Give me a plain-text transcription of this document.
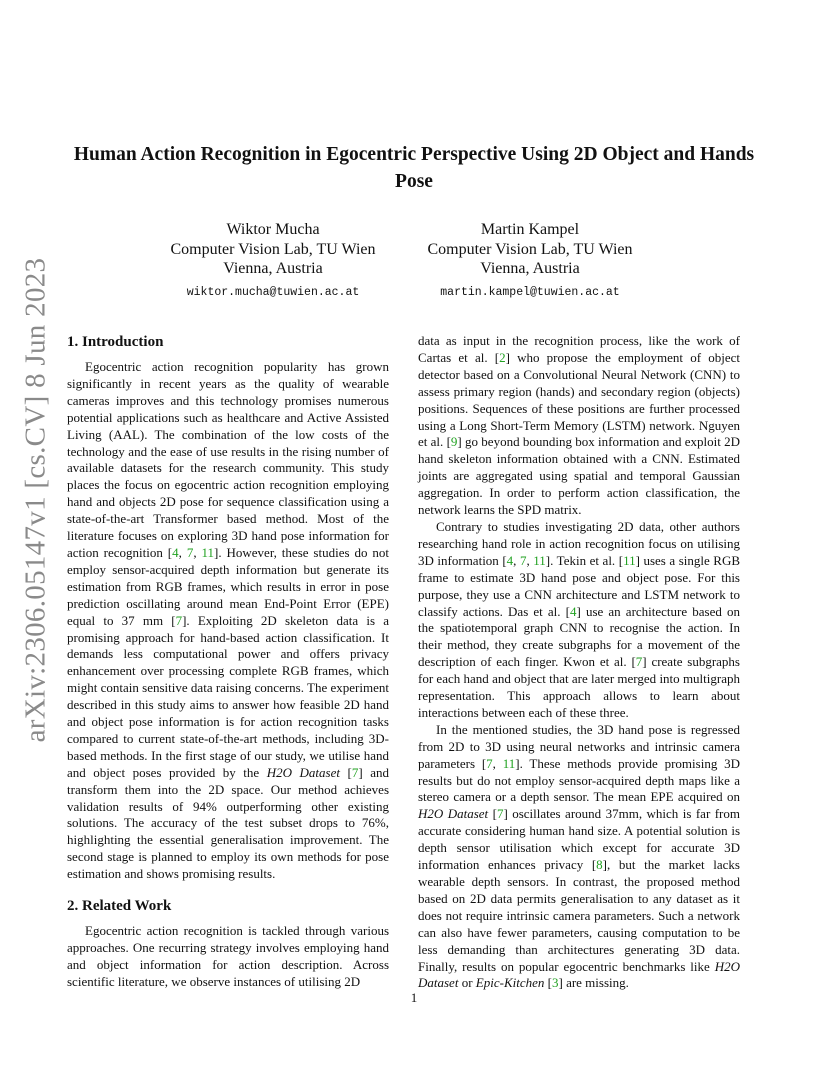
arXiv:2306.05147v1 [cs.CV] 8 Jun 2023
Human Action Recognition in Egocentric Perspective Using 2D Object and Hands Pose
Wiktor Mucha
Computer Vision Lab, TU Wien
Vienna, Austria
wiktor.mucha@tuwien.ac.at
Martin Kampel
Computer Vision Lab, TU Wien
Vienna, Austria
martin.kampel@tuwien.ac.at
1. Introduction

Egocentric action recognition popularity has grown significantly in recent years as the quality of wearable cameras improves and this technology promises numerous potential applications such as healthcare and Active Assisted Living (AAL). The combination of the low costs of the technology and the ease of use results in the rising number of available datasets for the research community. This study places the focus on egocentric action recognition employing hand and objects 2D pose for sequence classification using a state-of-the-art Transformer based method. Most of the literature focuses on exploring 3D hand pose information for action recognition [4, 7, 11]. However, these studies do not employ sensor-acquired depth information but generate its estimation from RGB frames, which results in error in pose prediction oscillating around mean End-Point Error (EPE) equal to 37 mm [7]. Exploiting 2D skeleton data is a promising approach for hand-based action classification. It demands less computational power and offers privacy enhancement over processing complete RGB frames, which might contain sensitive data raising concerns. The experiment described in this study aims to answer how feasible 2D hand and object pose information is for action recognition tasks compared to current state-of-the-art methods, including 3D-based methods. In the first stage of our study, we utilise hand and object poses provided by the H2O Dataset [7] and transform them into the 2D space. Our method achieves validation results of 94% outperforming other existing solutions. The accuracy of the test subset drops to 76%, highlighting the essential generalisation improvement. The second stage is planned to employ its own methods for pose estimation and shows promising results.

2. Related Work

Egocentric action recognition is tackled through various approaches. One recurring strategy involves employing hand and object information for action description. Across scientific literature, we observe instances of utilising 2D

data as input in the recognition process, like the work of Cartas et al. [2] who propose the employment of object detector based on a Convolutional Neural Network (CNN) to assess primary region (hands) and secondary region (objects) positions. Sequences of these positions are further processed using a Long Short-Term Memory (LSTM) network. Nguyen et al. [9] go beyond bounding box information and exploit 2D hand skeleton information obtained with a CNN. Estimated joints are aggregated using spatial and temporal Gaussian aggregation. In order to perform action classification, the network learns the SPD matrix.

Contrary to studies investigating 2D data, other authors researching hand role in action recognition focus on utilising 3D information [4, 7, 11]. Tekin et al. [11] uses a single RGB frame to estimate 3D hand pose and object pose. For this purpose, they use a CNN architecture and LSTM network to classify actions. Das et al. [4] use an architecture based on the spatiotemporal graph CNN to recognise the action. In their method, they create subgraphs for a movement of the description of each finger. Kwon et al. [7] create subgraphs for each hand and object that are later merged into multigraph representation. This approach allows to learn about interactions between each of these three.

In the mentioned studies, the 3D hand pose is regressed from 2D to 3D using neural networks and intrinsic camera parameters [7, 11]. These methods provide promising 3D results but do not employ sensor-acquired depth maps like a stereo camera or a depth sensor. The mean EPE acquired on H2O Dataset [7] oscillates around 37mm, which is far from accurate considering human hand size. A potential solution is depth sensor utilisation which except for accurate 3D information enhances privacy [8], but the market lacks wearable depth sensors. In contrast, the proposed method based on 2D data permits generalisation to any dataset as it does not require intrinsic camera parameters. Such a network can also have fewer parameters, causing computation to be less demanding than architectures generating 3D data. Finally, results on popular egocentric benchmarks like H2O Dataset or Epic-Kitchen [3] are missing.

1
